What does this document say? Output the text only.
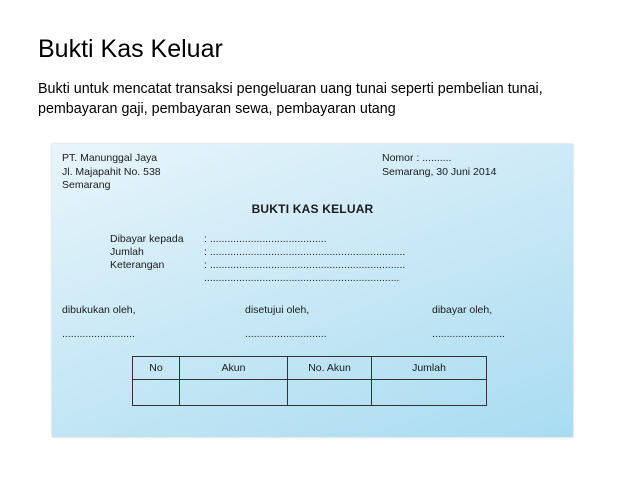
Bukti Kas Keluar
Bukti untuk mencatat transaksi pengeluaran uang tunai seperti pembelian tunai, pembayaran gaji, pembayaran sewa, pembayaran utang
PT. Manunggal Jaya
Jl. Majapahit No. 538
Semarang
Nomor : ..........
Semarang, 30 Juni 2014
BUKTI KAS KELUAR
Dibayar kepada : ........................................
Jumlah	: ...................................................................
Keterangan	: ...................................................................
...................................................................
dibukukan oleh,
.........................
disetujui oleh,
............................
dibayar oleh,
.........................
No	Akun	No. Akun	Jumlah
